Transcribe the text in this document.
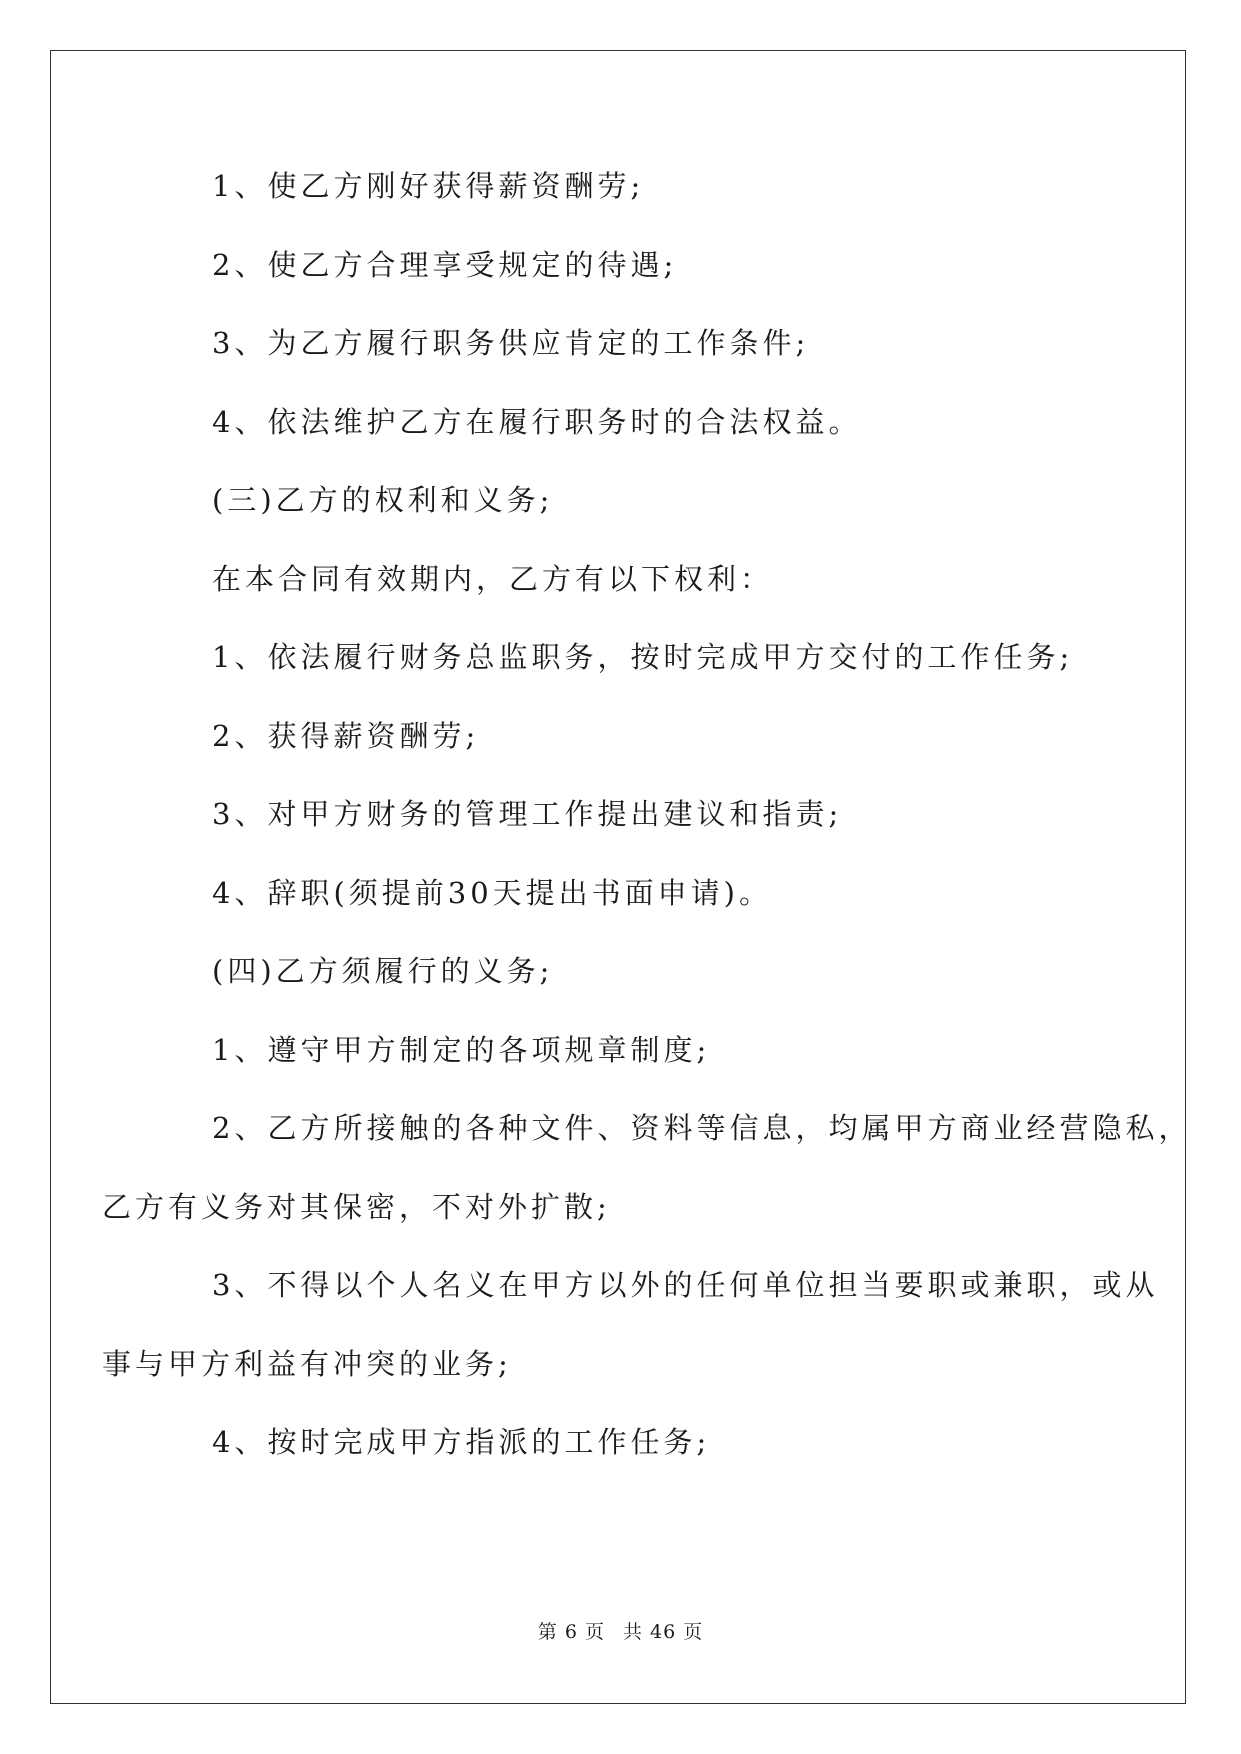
1、使乙方刚好获得薪资酬劳;

2、使乙方合理享受规定的待遇;

3、为乙方履行职务供应肯定的工作条件;

4、依法维护乙方在履行职务时的合法权益。

(三)乙方的权利和义务;

在本合同有效期内，乙方有以下权利：

1、依法履行财务总监职务，按时完成甲方交付的工作任务;

2、获得薪资酬劳;

3、对甲方财务的管理工作提出建议和指责;

4、辞职(须提前30天提出书面申请)。

(四)乙方须履行的义务;

1、遵守甲方制定的各项规章制度;

2、乙方所接触的各种文件、资料等信息，均属甲方商业经营隐私，
乙方有义务对其保密，不对外扩散;
3、不得以个人名义在甲方以外的任何单位担当要职或兼职，或从
事与甲方利益有冲突的业务;

4、按时完成甲方指派的工作任务;

第 6 页 共 46 页
